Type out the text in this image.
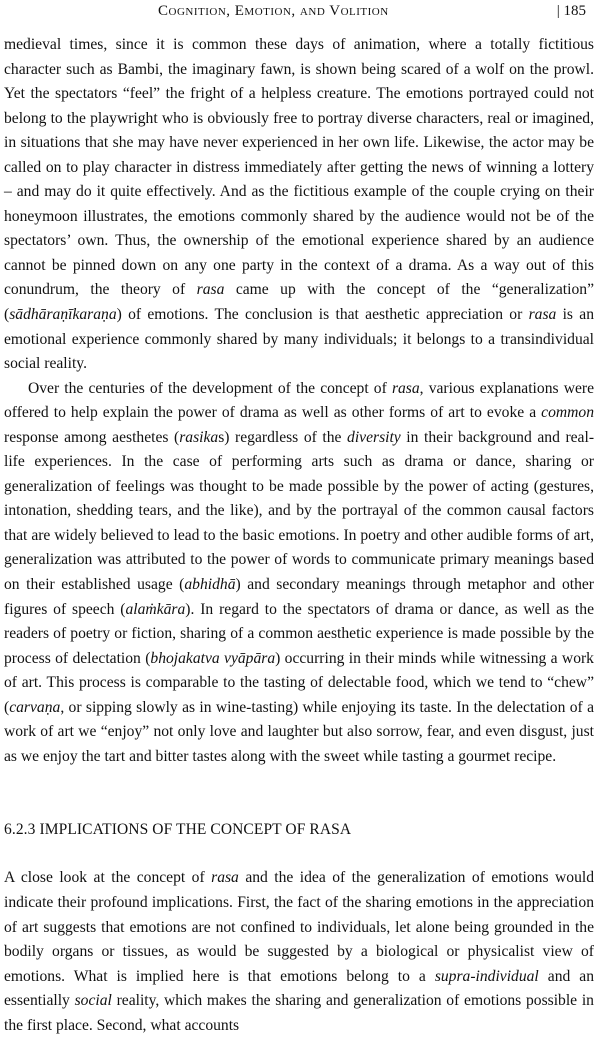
Cognition, Emotion, and Volition	| 185

medieval times, since it is common these days of animation, where a totally fictitious character such as Bambi, the imaginary fawn, is shown being scared of a wolf on the prowl. Yet the spectators “feel” the fright of a helpless creature. The emotions portrayed could not belong to the playwright who is obviously free to portray diverse characters, real or imagined, in situations that she may have never experienced in her own life. Likewise, the actor may be called on to play character in distress immediately after getting the news of winning a lottery – and may do it quite effectively. And as the fictitious example of the couple crying on their honeymoon illustrates, the emotions commonly shared by the audience would not be of the spectators’ own. Thus, the ownership of the emotional experience shared by an audience cannot be pinned down on any one party in the context of a drama. As a way out of this conundrum, the theory of rasa came up with the concept of the “generalization” (sādhāraṇīkaraṇa) of emotions. The conclusion is that aesthetic appreciation or rasa is an emotional experience commonly shared by many individuals; it belongs to a transindividual social reality.

Over the centuries of the development of the concept of rasa, various explanations were offered to help explain the power of drama as well as other forms of art to evoke a common response among aesthetes (rasikas) regardless of the diversity in their background and real-life experiences. In the case of performing arts such as drama or dance, sharing or generalization of feelings was thought to be made possible by the power of acting (gestures, intonation, shedding tears, and the like), and by the portrayal of the common causal factors that are widely believed to lead to the basic emotions. In poetry and other audible forms of art, generalization was attributed to the power of words to communicate primary meanings based on their established usage (abhidhā) and secondary meanings through metaphor and other figures of speech (alaṁkāra). In regard to the spectators of drama or dance, as well as the readers of poetry or fiction, sharing of a common aesthetic experience is made possible by the process of delectation (bhojakatva vyāpāra) occurring in their minds while witnessing a work of art. This process is comparable to the tasting of delectable food, which we tend to “chew” (carvaṇa, or sipping slowly as in wine-tasting) while enjoying its taste. In the delectation of a work of art we “enjoy” not only love and laughter but also sorrow, fear, and even disgust, just as we enjoy the tart and bitter tastes along with the sweet while tasting a gourmet recipe.

6.2.3 IMPLICATIONS OF THE CONCEPT OF RASA

A close look at the concept of rasa and the idea of the generalization of emotions would indicate their profound implications. First, the fact of the sharing emotions in the appreciation of art suggests that emotions are not confined to individuals, let alone being grounded in the bodily organs or tissues, as would be suggested by a biological or physicalist view of emotions. What is implied here is that emotions belong to a supra-individual and an essentially social reality, which makes the sharing and generalization of emotions possible in the first place. Second, what accounts
